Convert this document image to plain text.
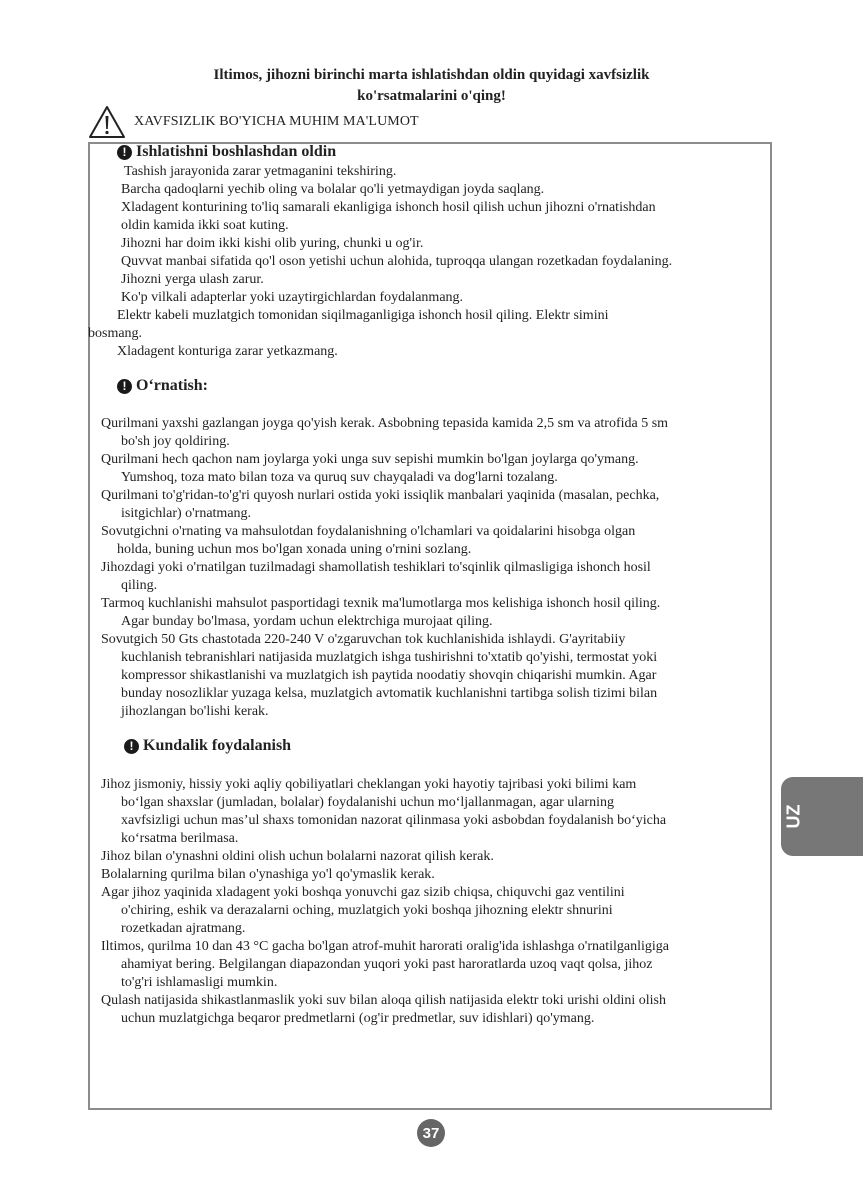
Iltimos, jihozni birinchi marta ishlatishdan oldin quyidagi xavfsizlik
ko'rsatmalarini o'qing!
XAVFSIZLIK BO'YICHA MUHIM MA'LUMOT
! Ishlatishni boshlashdan oldin
Tashish jarayonida zarar yetmaganini tekshiring.
Barcha qadoqlarni yechib oling va bolalar qo'li yetmaydigan joyda saqlang.
Xladagent konturining to'liq samarali ekanligiga ishonch hosil qilish uchun jihozni o'rnatishdan
oldin kamida ikki soat kuting.
Jihozni har doim ikki kishi olib yuring, chunki u og'ir.
Quvvat manbai sifatida qo'l oson yetishi uchun alohida, tuproqqa ulangan rozetkadan foydalaning.
Jihozni yerga ulash zarur.
Ko'p vilkali adapterlar yoki uzaytirgichlardan foydalanmang.
Elektr kabeli muzlatgich tomonidan siqilmaganligiga ishonch hosil qiling. Elektr simini
bosmang.
Xladagent konturiga zarar yetkazmang.
! O‘rnatish:
Qurilmani yaxshi gazlangan joyga qo'yish kerak. Asbobning tepasida kamida 2,5 sm va atrofida 5 sm
bo'sh joy qoldiring.
Qurilmani hech qachon nam joylarga yoki unga suv sepishi mumkin bo'lgan joylarga qo'ymang.
Yumshoq, toza mato bilan toza va quruq suv chayqaladi va dog'larni tozalang.
Qurilmani to'g'ridan-to'g'ri quyosh nurlari ostida yoki issiqlik manbalari yaqinida (masalan, pechka,
isitgichlar) o'rnatmang.
Sovutgichni o'rnating va mahsulotdan foydalanishning o'lchamlari va qoidalarini hisobga olgan
holda, buning uchun mos bo'lgan xonada uning o'rnini sozlang.
Jihozdagi yoki o'rnatilgan tuzilmadagi shamollatish teshiklari to'sqinlik qilmasligiga ishonch hosil
qiling.
Tarmoq kuchlanishi mahsulot pasportidagi texnik ma'lumotlarga mos kelishiga ishonch hosil qiling.
Agar bunday bo'lmasa, yordam uchun elektrchiga murojaat qiling.
Sovutgich 50 Gts chastotada 220-240 V o'zgaruvchan tok kuchlanishida ishlaydi. G'ayritabiiy
kuchlanish tebranishlari natijasida muzlatgich ishga tushirishni to'xtatib qo'yishi, termostat yoki
kompressor shikastlanishi va muzlatgich ish paytida noodatiy shovqin chiqarishi mumkin. Agar
bunday nosozliklar yuzaga kelsa, muzlatgich avtomatik kuchlanishni tartibga solish tizimi bilan
jihozlangan bo'lishi kerak.
! Kundalik foydalanish
Jihoz jismoniy, hissiy yoki aqliy qobiliyatlari cheklangan yoki hayotiy tajribasi yoki bilimi kam
bo‘lgan shaxslar (jumladan, bolalar) foydalanishi uchun mo‘ljallanmagan, agar ularning
xavfsizligi uchun mas’ul shaxs tomonidan nazorat qilinmasa yoki asbobdan foydalanish bo‘yicha
ko‘rsatma berilmasa.
Jihoz bilan o'ynashni oldini olish uchun bolalarni nazorat qilish kerak.
Bolalarning qurilma bilan o'ynashiga yo'l qo'ymaslik kerak.
Agar jihoz yaqinida xladagent yoki boshqa yonuvchi gaz sizib chiqsa, chiquvchi gaz ventilini
o'chiring, eshik va derazalarni oching, muzlatgich yoki boshqa jihozning elektr shnurini
rozetkadan ajratmang.
Iltimos, qurilma 10 dan 43 °C gacha bo'lgan atrof-muhit harorati oralig'ida ishlashga o'rnatilganligiga
ahamiyat bering. Belgilangan diapazondan yuqori yoki past haroratlarda uzoq vaqt qolsa, jihoz
to'g'ri ishlamasligi mumkin.
Qulash natijasida shikastlanmaslik yoki suv bilan aloqa qilish natijasida elektr toki urishi oldini olish
uchun muzlatgichga beqaror predmetlarni (og'ir predmetlar, suv idishlari) qo'ymang.
UZ
37
